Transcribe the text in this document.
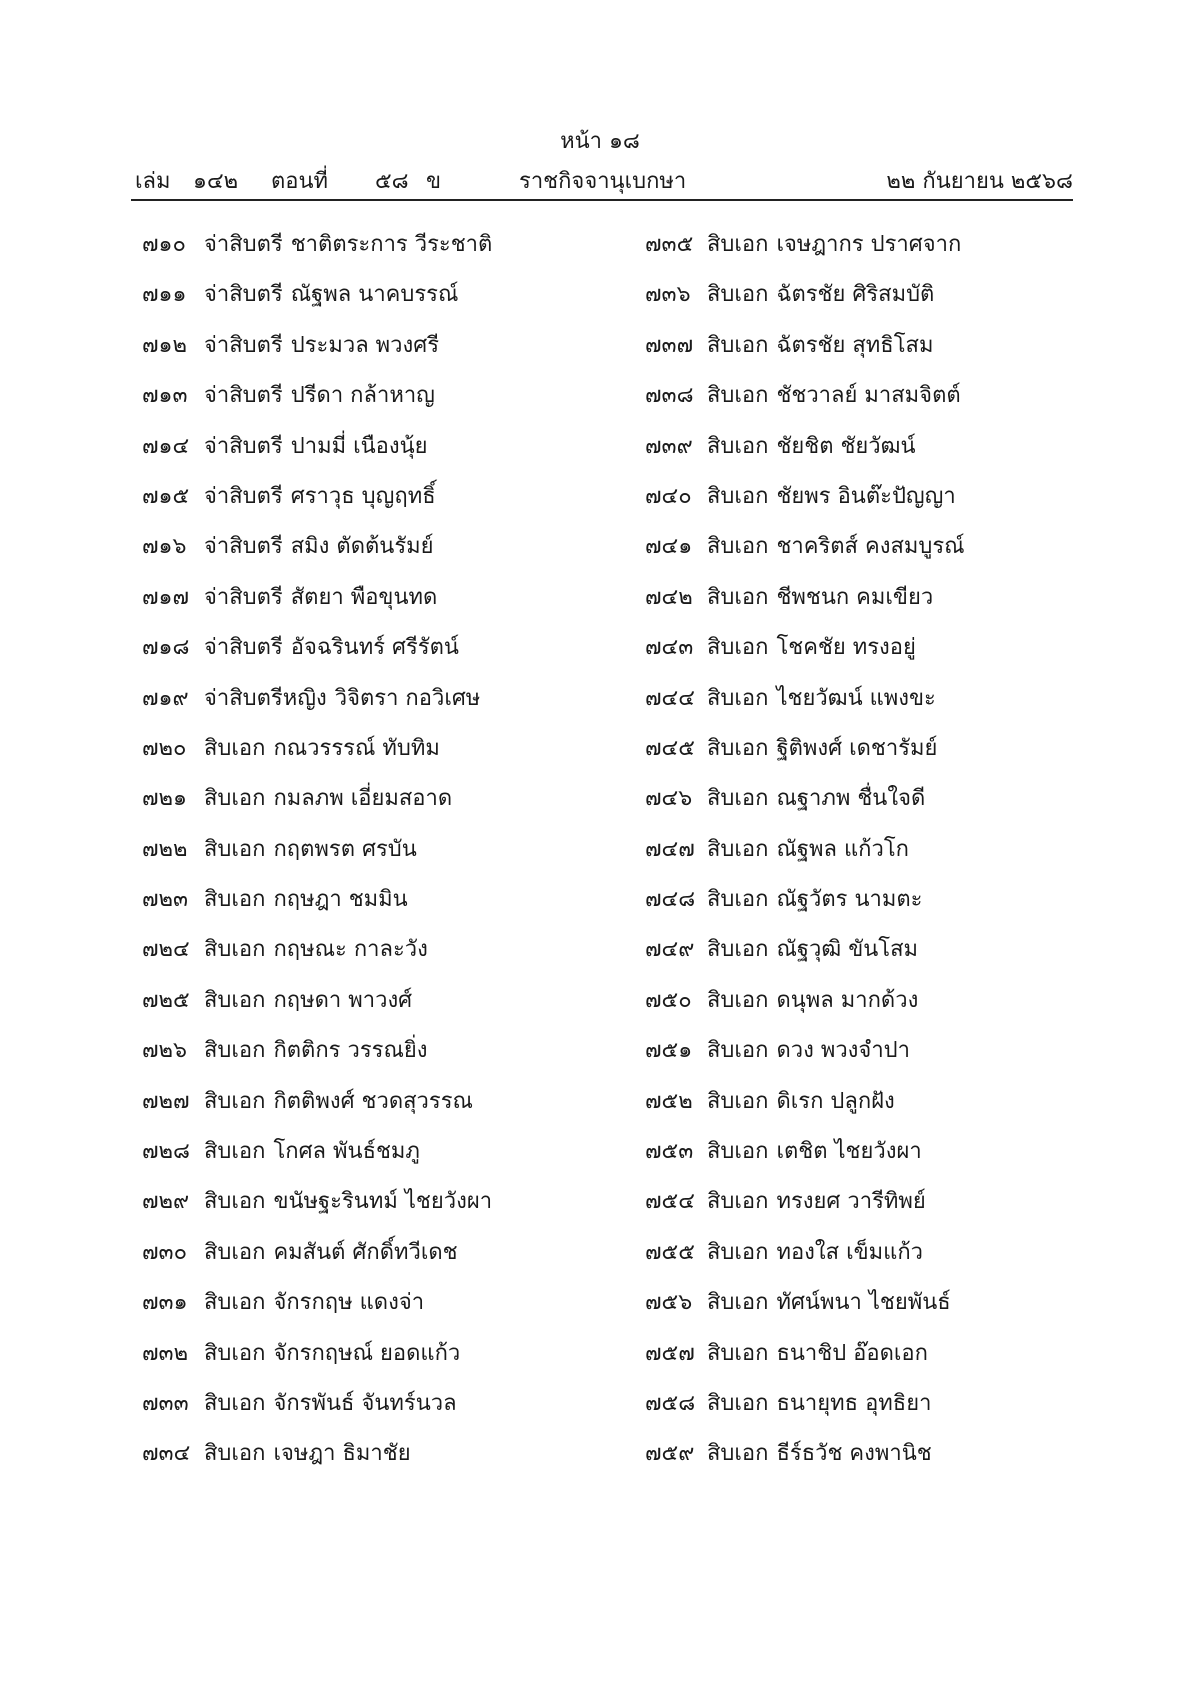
หน้า ๑๘
เล่ม ๑๔๒ ตอนที่ ๕๘ ข	ราชกิจจานุเบกษา	๒๒ กันยายน ๒๕๖๘
๗๑๐ จ่าสิบตรี ชาติตระการ วีระชาติ
๗๑๑ จ่าสิบตรี ณัฐพล นาคบรรณ์
๗๑๒ จ่าสิบตรี ประมวล พวงศรี
๗๑๓ จ่าสิบตรี ปรีดา กล้าหาญ
๗๑๔ จ่าสิบตรี ปามมี่ เนืองนุ้ย
๗๑๕ จ่าสิบตรี ศราวุธ บุญฤทธิ์
๗๑๖ จ่าสิบตรี สมิง ตัดต้นรัมย์
๗๑๗ จ่าสิบตรี สัตยา พือขุนทด
๗๑๘ จ่าสิบตรี อัจฉรินทร์ ศรีรัตน์
๗๑๙ จ่าสิบตรีหญิง วิจิตรา กอวิเศษ
๗๒๐ สิบเอก กณวรรรณ์ ทับทิม
๗๒๑ สิบเอก กมลภพ เอี่ยมสอาด
๗๒๒ สิบเอก กฤตพรต ศรบัน
๗๒๓ สิบเอก กฤษฎา ชมมิน
๗๒๔ สิบเอก กฤษณะ กาละวัง
๗๒๕ สิบเอก กฤษดา พาวงศ์
๗๒๖ สิบเอก กิตติกร วรรณยิ่ง
๗๒๗ สิบเอก กิตติพงศ์ ชวดสุวรรณ
๗๒๘ สิบเอก โกศล พันธ์ชมภู
๗๒๙ สิบเอก ขนัษฐะรินทม์ ไชยวังผา
๗๓๐ สิบเอก คมสันต์ ศักดิ์ทวีเดช
๗๓๑ สิบเอก จักรกฤษ แดงจ่า
๗๓๒ สิบเอก จักรกฤษณ์ ยอดแก้ว
๗๓๓ สิบเอก จักรพันธ์ จันทร์นวล
๗๓๔ สิบเอก เจษฎา ธิมาชัย
๗๓๕ สิบเอก เจษฎากร ปราศจาก
๗๓๖ สิบเอก ฉัตรชัย ศิริสมบัติ
๗๓๗ สิบเอก ฉัตรชัย สุทธิโสม
๗๓๘ สิบเอก ชัชวาลย์ มาสมจิตต์
๗๓๙ สิบเอก ชัยชิต ชัยวัฒน์
๗๔๐ สิบเอก ชัยพร อินต๊ะปัญญา
๗๔๑ สิบเอก ชาคริตส์ คงสมบูรณ์
๗๔๒ สิบเอก ชีพชนก คมเขียว
๗๔๓ สิบเอก โชคชัย ทรงอยู่
๗๔๔ สิบเอก ไชยวัฒน์ แพงขะ
๗๔๕ สิบเอก ฐิติพงศ์ เดชารัมย์
๗๔๖ สิบเอก ณฐาภพ ชื่นใจดี
๗๔๗ สิบเอก ณัฐพล แก้วโก
๗๔๘ สิบเอก ณัฐวัตร นามตะ
๗๔๙ สิบเอก ณัฐวุฒิ ขันโสม
๗๕๐ สิบเอก ดนุพล มากด้วง
๗๕๑ สิบเอก ดวง พวงจำปา
๗๕๒ สิบเอก ดิเรก ปลูกฝัง
๗๕๓ สิบเอก เตชิต ไชยวังผา
๗๕๔ สิบเอก ทรงยศ วารีทิพย์
๗๕๕ สิบเอก ทองใส เข็มแก้ว
๗๕๖ สิบเอก ทัศน์พนา ไชยพันธ์
๗๕๗ สิบเอก ธนาชิป อ๊อดเอก
๗๕๘ สิบเอก ธนายุทธ อุทธิยา
๗๕๙ สิบเอก ธีร์ธวัช คงพานิช
